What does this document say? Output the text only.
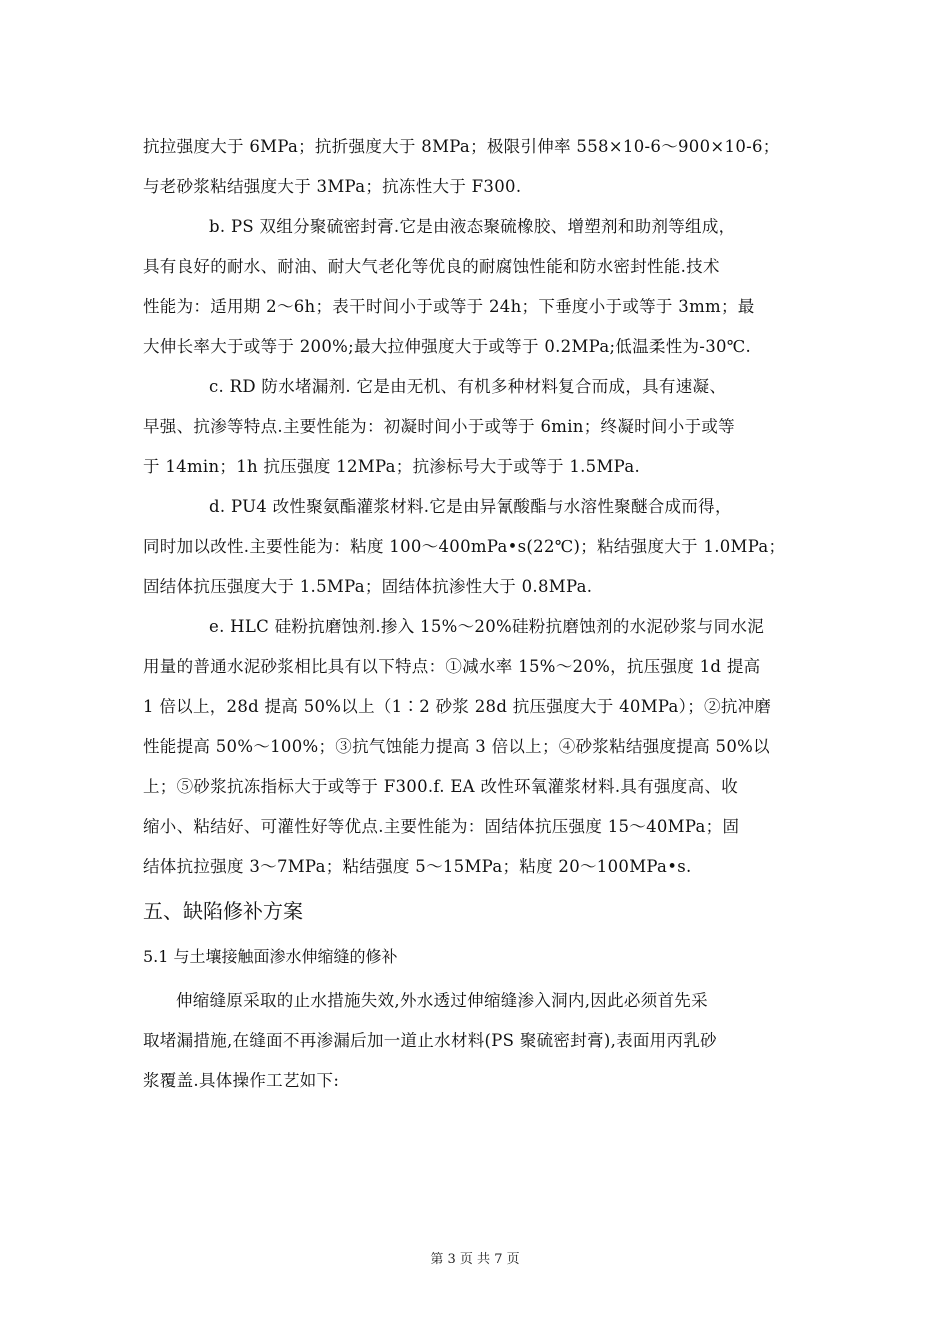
抗拉强度大于 6MPa；抗折强度大于 8MPa；极限引伸率 558×10-6～900×10-6；
与老砂浆粘结强度大于 3MPa；抗冻性大于 F300.
b. PS 双组分聚硫密封膏.它是由液态聚硫橡胶、增塑剂和助剂等组成，
具有良好的耐水、耐油、耐大气老化等优良的耐腐蚀性能和防水密封性能.技术
性能为：适用期 2～6h；表干时间小于或等于 24h；下垂度小于或等于 3mm；最
大伸长率大于或等于 200%;最大拉伸强度大于或等于 0.2MPa;低温柔性为-30℃.
c. RD 防水堵漏剂. 它是由无机、有机多种材料复合而成，具有速凝、
早强、抗渗等特点.主要性能为：初凝时间小于或等于 6min；终凝时间小于或等
于 14min；1h 抗压强度 12MPa；抗渗标号大于或等于 1.5MPa.
d. PU4 改性聚氨酯灌浆材料.它是由异氰酸酯与水溶性聚醚合成而得，
同时加以改性.主要性能为：粘度 100～400mPa•s(22℃)；粘结强度大于 1.0MPa；
固结体抗压强度大于 1.5MPa；固结体抗渗性大于 0.8MPa.
e. HLC 硅粉抗磨蚀剂.掺入 15%～20%硅粉抗磨蚀剂的水泥砂浆与同水泥
用量的普通水泥砂浆相比具有以下特点：①减水率 15%～20%，抗压强度 1d 提高
1 倍以上，28d 提高 50%以上（1∶2 砂浆 28d 抗压强度大于 40MPa）；②抗冲磨
性能提高 50%～100%；③抗气蚀能力提高 3 倍以上；④砂浆粘结强度提高 50%以
上；⑤砂浆抗冻指标大于或等于 F300.f. EA 改性环氧灌浆材料.具有强度高、收
缩小、粘结好、可灌性好等优点.主要性能为：固结体抗压强度 15～40MPa；固
结体抗拉强度 3～7MPa；粘结强度 5～15MPa；粘度 20～100MPa•s.
五、缺陷修补方案
5.1 与土壤接触面渗水伸缩缝的修补
伸缩缝原采取的止水措施失效,外水透过伸缩缝渗入洞内,因此必须首先采
取堵漏措施,在缝面不再渗漏后加一道止水材料(PS 聚硫密封膏),表面用丙乳砂
浆覆盖.具体操作工艺如下:
第 3 页 共 7 页
